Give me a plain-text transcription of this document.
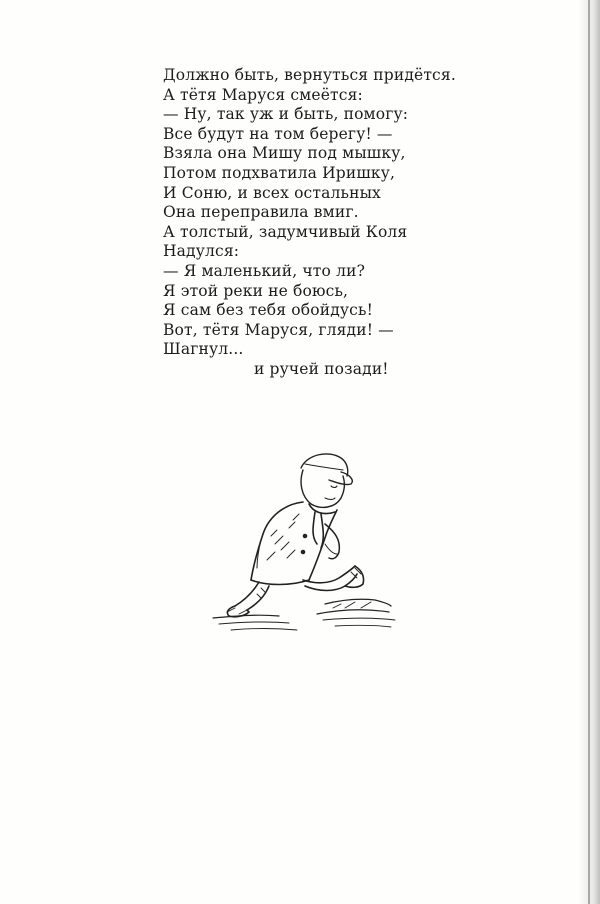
Должно быть, вернуться придётся.
А тётя Маруся смеётся:
— Ну, так уж и быть, помогу:
Все будут на том берегу! —
Взяла она Мишу под мышку,
Потом подхватила Иришку,
И Соню, и всех остальных
Она переправила вмиг.
А толстый, задумчивый Коля
Надулся:
— Я маленький, что ли?
Я этой реки не боюсь,
Я сам без тебя обойдусь!
Вот, тётя Маруся, гляди! —
Шагнул...
и ручей позади!
